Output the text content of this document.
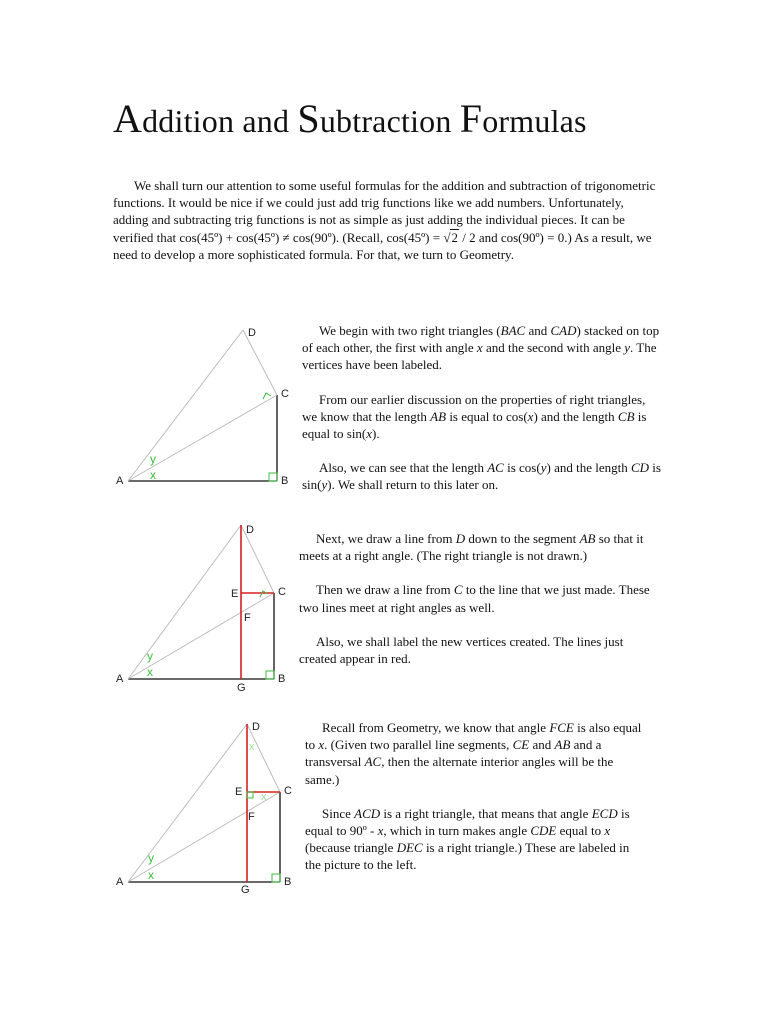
Addition and Subtraction Formulas

We shall turn our attention to some useful formulas for the addition and subtraction of trigonometric functions. It would be nice if we could just add trig functions like we add numbers. Unfortunately, adding and subtracting trig functions is not as simple as just adding the individual pieces. It can be verified that cos(45º) + cos(45º) ≠ cos(90º). (Recall, cos(45º) = √2 / 2 and cos(90º) = 0.) As a result, we need to develop a more sophisticated formula. For that, we turn to Geometry.

A	B
C
D
y
x

We begin with two right triangles (BAC and CAD) stacked on top of each other, the first with angle x and the second with angle y. The vertices have been labeled.

From our earlier discussion on the properties of right triangles, we know that the length AB is equal to cos(x) and the length CB is equal to sin(x).

Also, we can see that the length AC is cos(y) and the length CD is sin(y). We shall return to this later on.

A	B
C
D
E
F
G
y
x

Next, we draw a line from D down to the segment AB so that it meets at a right angle. (The right triangle is not drawn.)

Then we draw a line from C to the line that we just made. These two lines meet at right angles as well.

Also, we shall label the new vertices created. The lines just created appear in red.

A	B
C
D
E
F
G
x
x
y
x

Recall from Geometry, we know that angle FCE is also equal to x. (Given two parallel line segments, CE and AB and a transversal AC, then the alternate interior angles will be the same.)

Since ACD is a right triangle, that means that angle ECD is equal to 90º - x, which in turn makes angle CDE equal to x (because triangle DEC is a right triangle.) These are labeled in the picture to the left.
